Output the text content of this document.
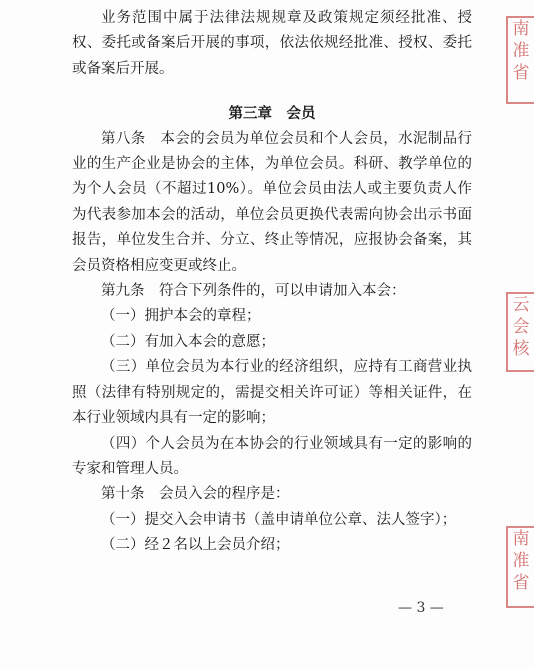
业务范围中属于法律法规规章及政策规定须经批准、授权、委托或备案后开展的事项，依法依规经批准、授权、委托或备案后开展。

第三章　会员

第八条　本会的会员为单位会员和个人会员，水泥制品行业的生产企业是协会的主体，为单位会员。科研、教学单位的为个人会员（不超过10%）。单位会员由法人或主要负责人作为代表参加本会的活动，单位会员更换代表需向协会出示书面报告，单位发生合并、分立、终止等情况，应报协会备案，其会员资格相应变更或终止。

第九条　符合下列条件的，可以申请加入本会：

（一）拥护本会的章程；

（二）有加入本会的意愿；

（三）单位会员为本行业的经济组织，应持有工商营业执照（法律有特别规定的，需提交相关许可证）等相关证件，在本行业领域内具有一定的影响；

（四）个人会员为在本协会的行业领域具有一定的影响的专家和管理人员。

第十条　会员入会的程序是：

（一）提交入会申请书（盖申请单位公章、法人签字）；

（二）经２名以上会员介绍；

— 3 —
南
准
省
云
会
核
南
准
省
